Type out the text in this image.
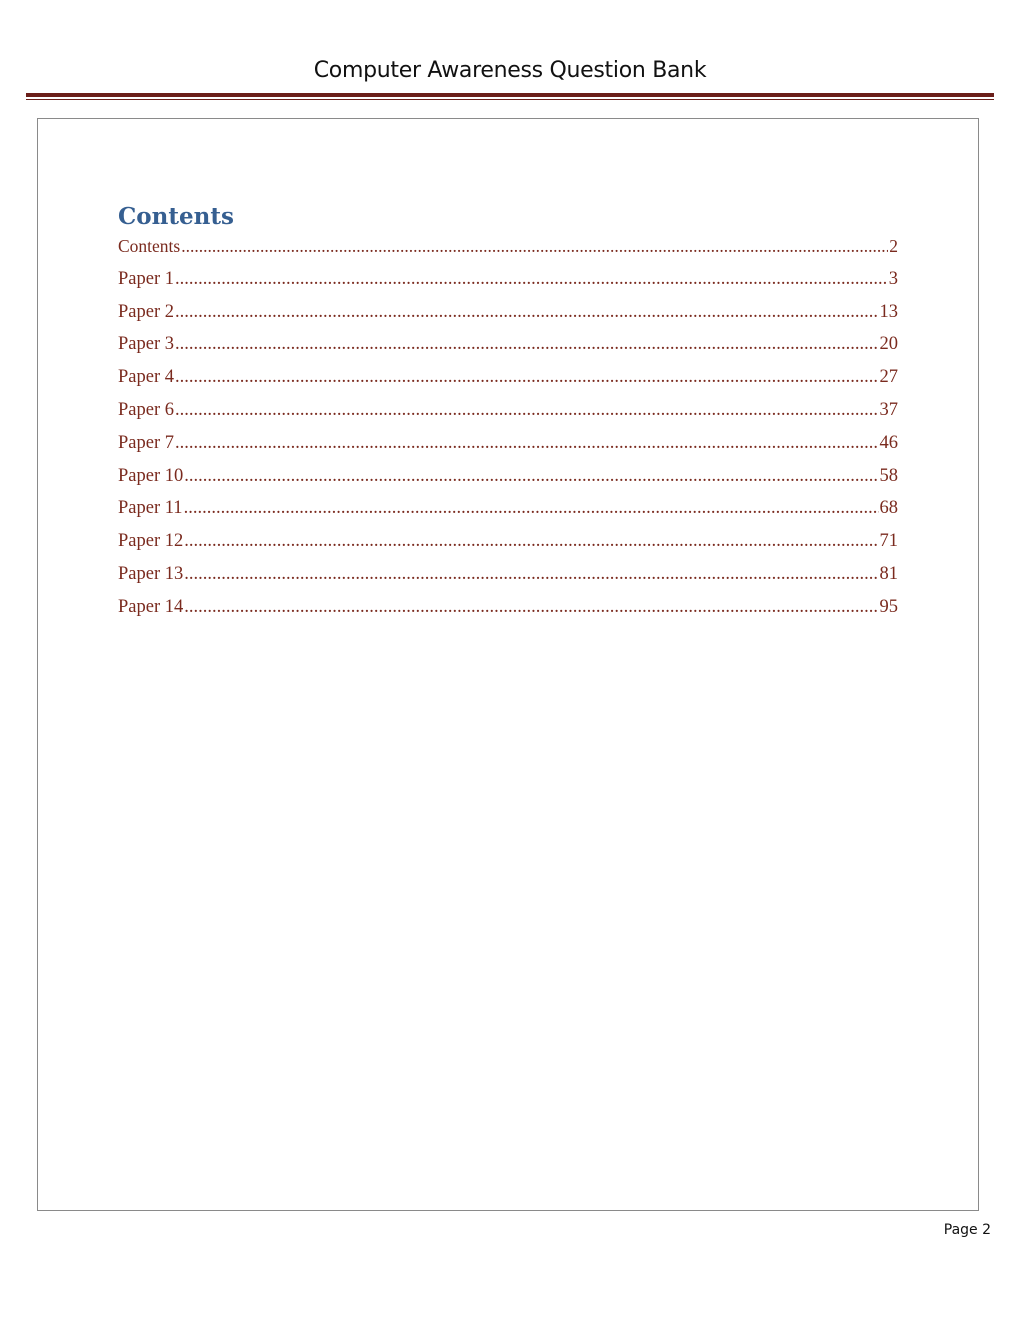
Computer Awareness Question Bank
Contents
Contents .....	2
Paper 1 .....	3
Paper 2 .....	13
Paper 3 .....	20
Paper 4 .....	27
Paper 6 .....	37
Paper 7 .....	46
Paper 10 .....	58
Paper 11 .....	68
Paper 12 .....	71
Paper 13 .....	81
Paper 14 .....	95
Page 2
